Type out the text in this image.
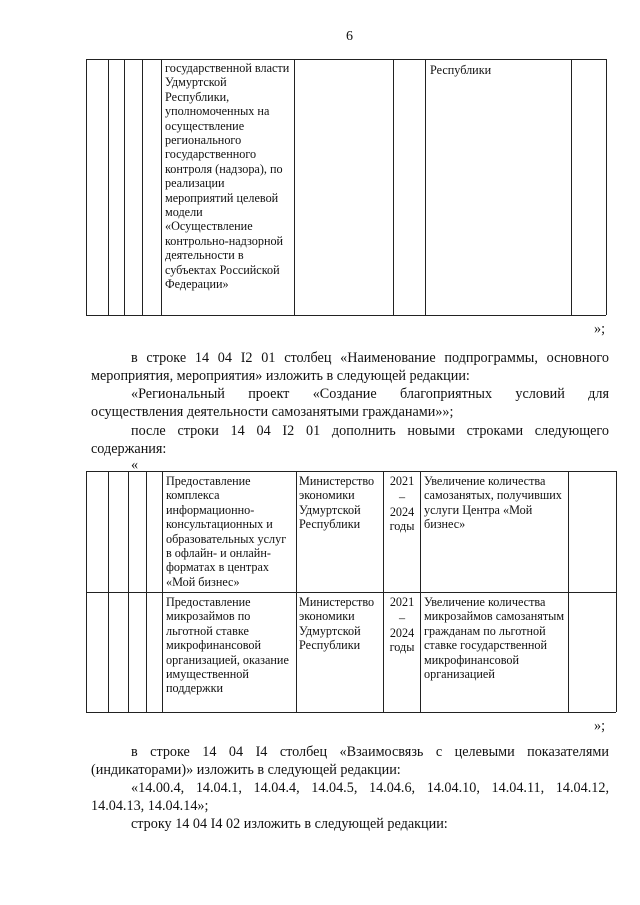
6
государственной власти Удмуртской Республики, уполномоченных на осуществление регионального государственного контроля (надзора), по реализации мероприятий целевой модели «Осуществление контрольно-надзорной деятельности в субъектах Российской Федерации»
Республики
»;
в строке 14 04 I2 01 столбец «Наименование подпрограммы, основного
мероприятия, мероприятия» изложить в следующей редакции:
«Региональный проект «Создание благоприятных условий для
осуществления деятельности самозанятыми гражданами»»;
после строки 14 04 I2 01 дополнить новыми строками следующего
содержания:
«
Предоставление комплекса информационно-консультационных и образовательных услуг в офлайн- и онлайн-форматах в центрах «Мой бизнес»
Министерство экономики Удмуртской Республики
2021
–
2024 годы
Увеличение количества самозанятых, получивших услуги Центра «Мой бизнес»
Предоставление микрозаймов по льготной ставке микрофинансовой организацией, оказание имущественной поддержки
Министерство экономики Удмуртской Республики
2021
–
2024 годы
Увеличение количества микрозаймов самозанятым гражданам по льготной ставке государственной микрофинансовой организацией
»;
в строке 14 04 I4 столбец «Взаимосвязь с целевыми показателями
(индикаторами)» изложить в следующей редакции:
«14.00.4, 14.04.1, 14.04.4, 14.04.5, 14.04.6, 14.04.10, 14.04.11, 14.04.12,
14.04.13, 14.04.14»;
строку 14 04 I4 02 изложить в следующей редакции:
